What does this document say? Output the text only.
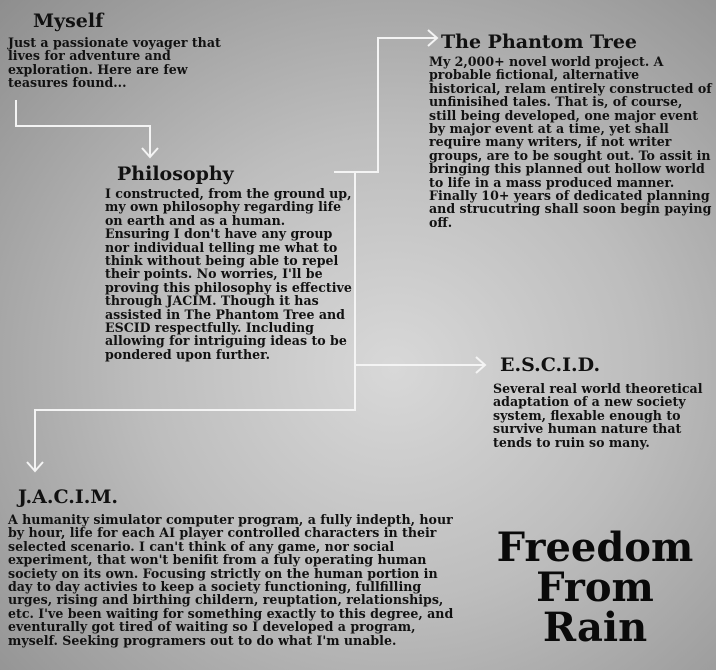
Myself
Just a passionate voyager that lives for adventure and exploration. Here are few teasures found...
Philosophy
I constructed, from the ground up, my own philosophy regarding life on earth and as a human. Ensuring I don't have any group nor individual telling me what to think without being able to repel their points. No worries, I'll be proving this philosophy is effective through JACIM. Though it has assisted in The Phantom Tree and ESCID respectfully. Including allowing for intriguing ideas to be pondered upon further.
The Phantom Tree
My 2,000+ novel world project. A probable fictional, alternative historical, relam entirely constructed of unfinisihed tales. That is, of course, still being developed, one major event by major event at a time, yet shall require many writers, if not writer groups, are to be sought out. To assit in bringing this planned out hollow world to life in a mass produced manner. Finally 10+ years of dedicated planning and strucutring shall soon begin paying off.
E.S.C.I.D.
Several real world theoretical adaptation of a new society system, flexable enough to survive human nature that tends to ruin so many.
J.A.C.I.M.
A humanity simulator computer program, a fully indepth, hour by hour, life for each AI player controlled characters in their selected scenario. I can't think of any game, nor social experiment, that won't benifit from a fuly operating human society on its own. Focusing strictly on the human portion in day to day activies to keep a society functioning, fullfilling urges, rising and birthing childern, reuptation, relationships, etc. I've been waiting for something exactly to this degree, and eventurally got tired of waiting so I developed a program, myself. Seeking programers out to do what I'm unable.
Freedom
From
Rain
